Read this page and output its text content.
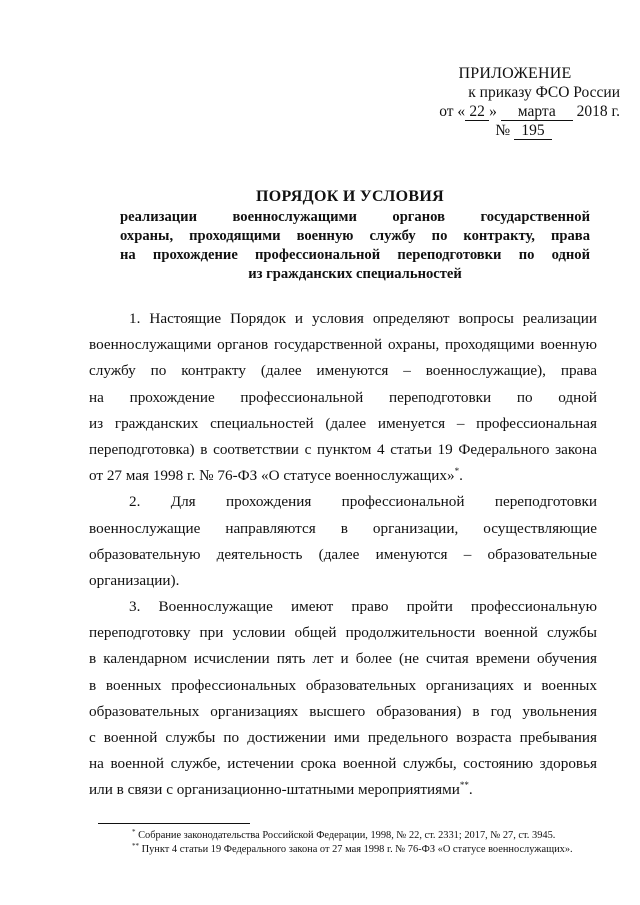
ПРИЛОЖЕНИЕ
к приказу ФСО России
от « 22 » марта 2018 г.
№ 195
ПОРЯДОК И УСЛОВИЯ
реализации военнослужащими органов государственной
охраны, проходящими военную службу по контракту, права
на прохождение профессиональной переподготовки по одной
из гражданских специальностей
1. Настоящие Порядок и условия определяют вопросы реализации
военнослужащими органов государственной охраны, проходящими военную
службу по контракту (далее именуются – военнослужащие), права
на прохождение профессиональной переподготовки по одной
из гражданских специальностей (далее именуется – профессиональная
переподготовка) в соответствии с пунктом 4 статьи 19 Федерального закона
от 27 мая 1998 г. № 76-ФЗ «О статусе военнослужащих»*.
2. Для прохождения профессиональной переподготовки
военнослужащие направляются в организации, осуществляющие
образовательную деятельность (далее именуются – образовательные
организации).
3. Военнослужащие имеют право пройти профессиональную
переподготовку при условии общей продолжительности военной службы
в календарном исчислении пять лет и более (не считая времени обучения
в военных профессиональных образовательных организациях и военных
образовательных организациях высшего образования) в год увольнения
с военной службы по достижении ими предельного возраста пребывания
на военной службе, истечении срока военной службы, состоянию здоровья
или в связи с организационно-штатными мероприятиями**.
* Собрание законодательства Российской Федерации, 1998, № 22, ст. 2331; 2017, № 27, ст. 3945.
** Пункт 4 статьи 19 Федерального закона от 27 мая 1998 г. № 76-ФЗ «О статусе военнослужащих».
